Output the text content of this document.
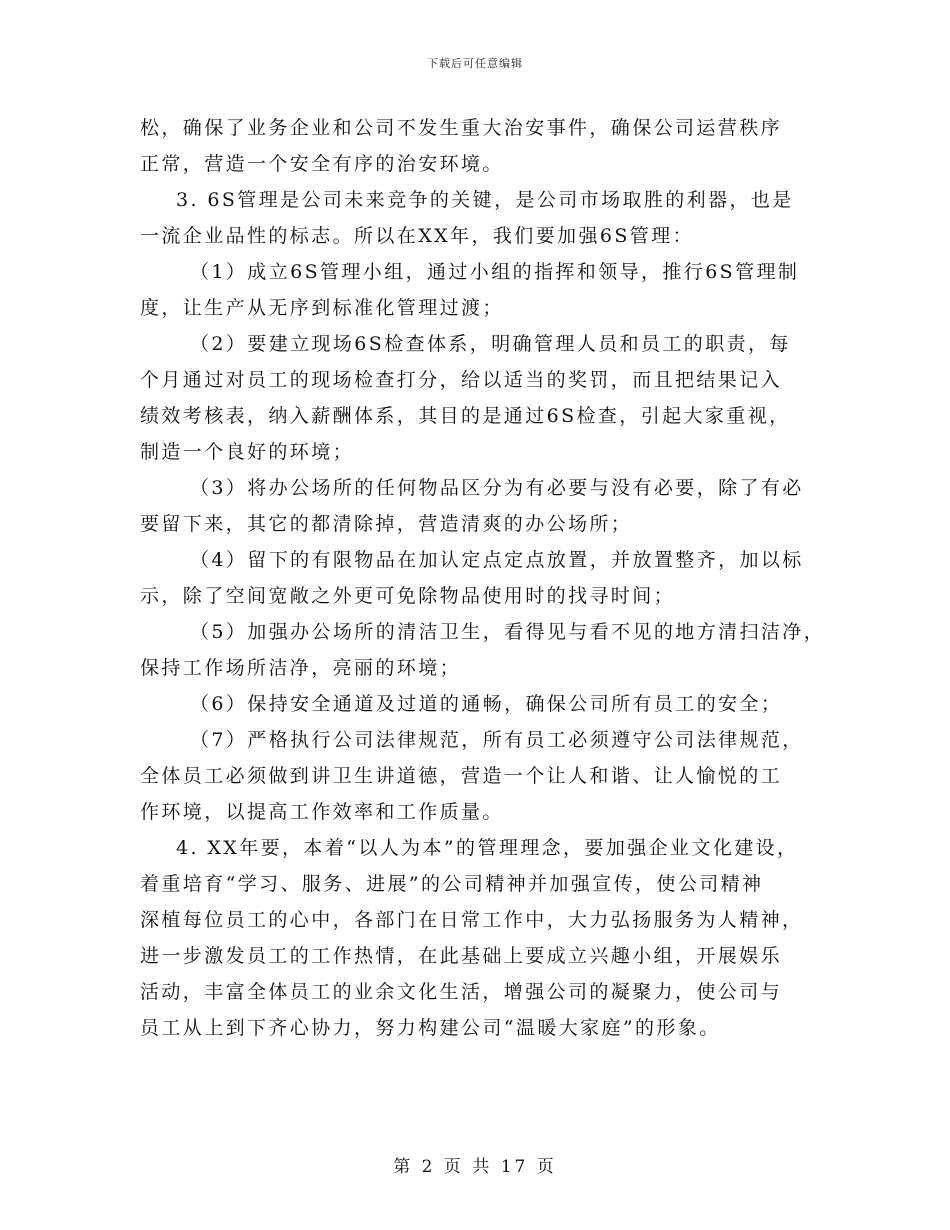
下载后可任意编辑
松，确保了业务企业和公司不发生重大治安事件，确保公司运营秩序
正常，营造一个安全有序的治安环境。
3. 6S管理是公司未来竞争的关键，是公司市场取胜的利器，也是
一流企业品性的标志。所以在XX年，我们要加强6S管理：
（1）成立6S管理小组，通过小组的指挥和领导，推行6S管理制
度，让生产从无序到标准化管理过渡；
（2）要建立现场6S检查体系，明确管理人员和员工的职责，每
个月通过对员工的现场检查打分，给以适当的奖罚，而且把结果记入
绩效考核表，纳入薪酬体系，其目的是通过6S检查，引起大家重视，
制造一个良好的环境；
（3）将办公场所的任何物品区分为有必要与没有必要，除了有必
要留下来，其它的都清除掉，营造清爽的办公场所；
（4）留下的有限物品在加认定点定点放置，并放置整齐，加以标
示，除了空间宽敞之外更可免除物品使用时的找寻时间；
（5）加强办公场所的清洁卫生，看得见与看不见的地方清扫洁净，
保持工作场所洁净，亮丽的环境；
（6）保持安全通道及过道的通畅，确保公司所有员工的安全；
（7）严格执行公司法律规范，所有员工必须遵守公司法律规范，
全体员工必须做到讲卫生讲道德，营造一个让人和谐、让人愉悦的工
作环境，以提高工作效率和工作质量。
4. XX年要，本着“以人为本”的管理理念，要加强企业文化建设，
着重培育“学习、服务、进展”的公司精神并加强宣传，使公司精神
深植每位员工的心中，各部门在日常工作中，大力弘扬服务为人精神，
进一步激发员工的工作热情，在此基础上要成立兴趣小组，开展娱乐
活动，丰富全体员工的业余文化生活，增强公司的凝聚力，使公司与
员工从上到下齐心协力，努力构建公司“温暖大家庭”的形象。
第 2 页 共 17 页
